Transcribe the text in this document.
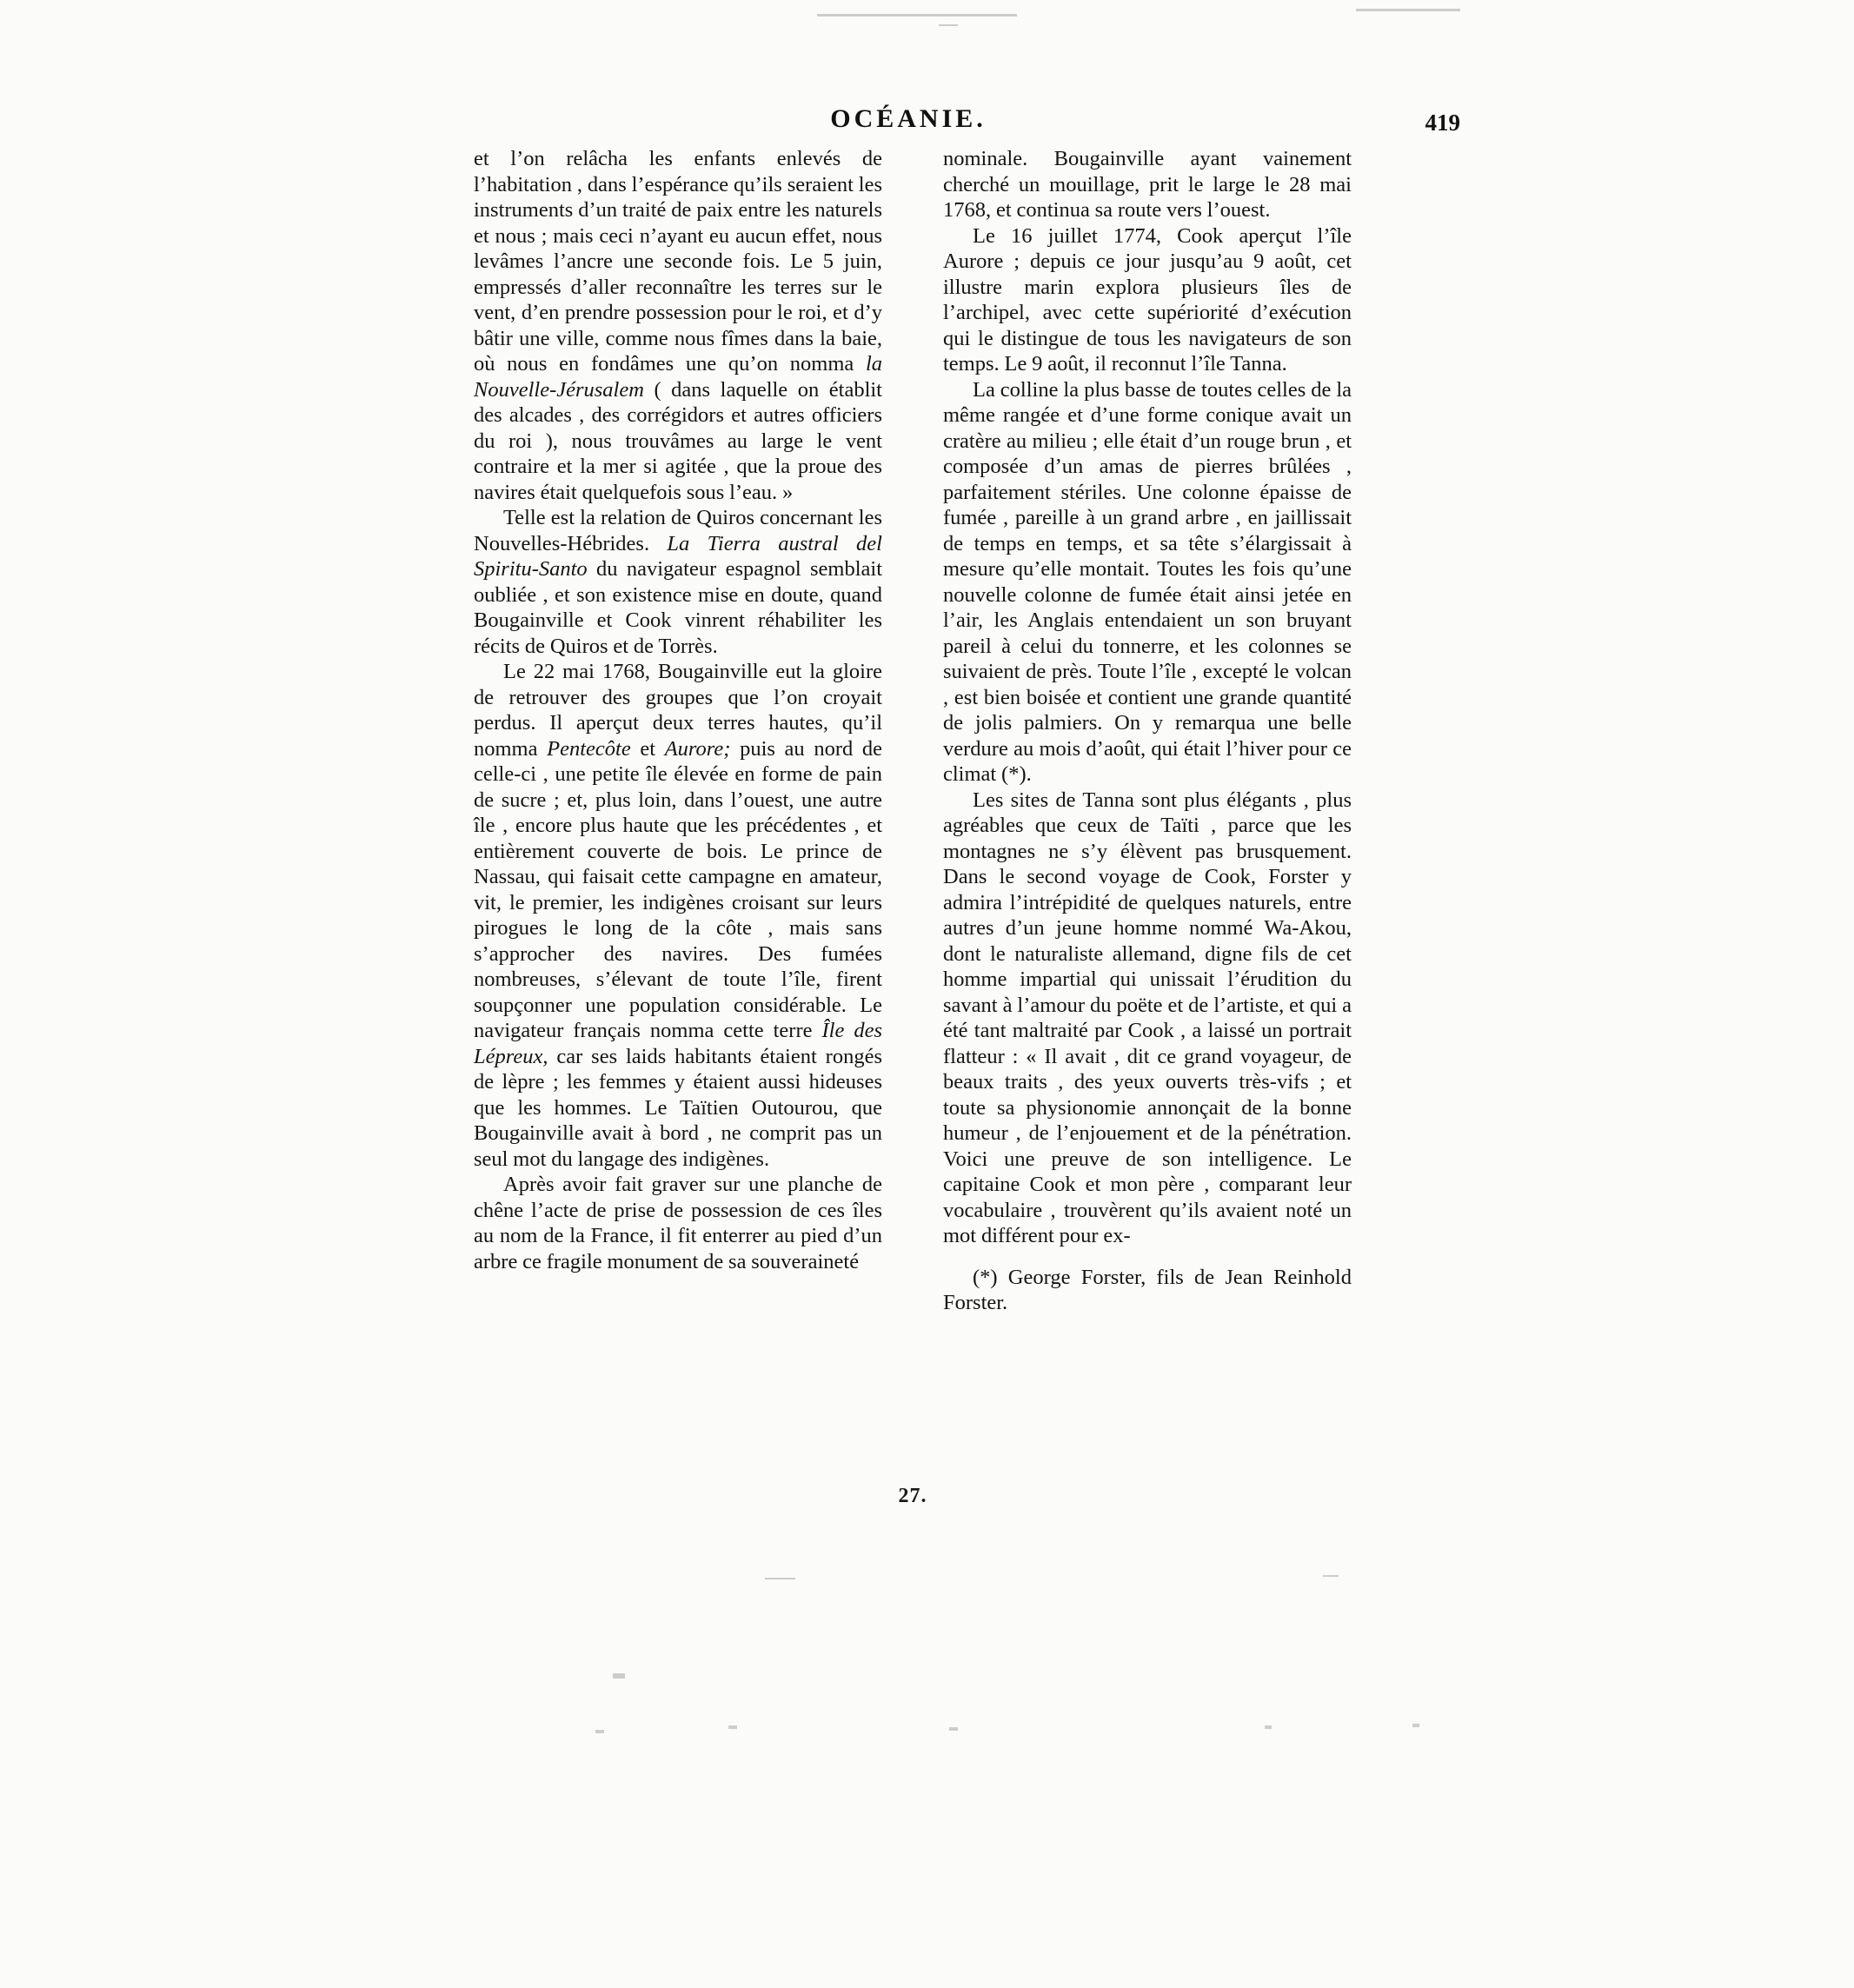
OCÉANIE.	419

et l’on relâcha les enfants enlevés de l’habitation , dans l’espérance qu’ils seraient les instruments d’un traité de paix entre les naturels et nous ; mais ceci n’ayant eu aucun effet, nous levâmes l’ancre une seconde fois. Le 5 juin, empressés d’aller reconnaître les terres sur le vent, d’en prendre possession pour le roi, et d’y bâtir une ville, comme nous fîmes dans la baie, où nous en fondâmes une qu’on nomma la Nouvelle-Jérusalem ( dans laquelle on établit des alcades , des corrégidors et autres officiers du roi ), nous trouvâmes au large le vent contraire et la mer si agitée , que la proue des navires était quelquefois sous l’eau. »

Telle est la relation de Quiros concernant les Nouvelles-Hébrides. La Tierra austral del Spiritu-Santo du navigateur espagnol semblait oubliée , et son existence mise en doute, quand Bougainville et Cook vinrent réhabiliter les récits de Quiros et de Torrès.

Le 22 mai 1768, Bougainville eut la gloire de retrouver des groupes que l’on croyait perdus. Il aperçut deux terres hautes, qu’il nomma Pentecôte et Aurore; puis au nord de celle-ci , une petite île élevée en forme de pain de sucre ; et, plus loin, dans l’ouest, une autre île , encore plus haute que les précédentes , et entièrement couverte de bois. Le prince de Nassau, qui faisait cette campagne en amateur, vit, le premier, les indigènes croisant sur leurs pirogues le long de la côte , mais sans s’approcher des navires. Des fumées nombreuses, s’élevant de toute l’île, firent soupçonner une population considérable. Le navigateur français nomma cette terre Île des Lépreux, car ses laids habitants étaient rongés de lèpre ; les femmes y étaient aussi hideuses que les hommes. Le Taïtien Outourou, que Bougainville avait à bord , ne comprit pas un seul mot du langage des indigènes.

Après avoir fait graver sur une planche de chêne l’acte de prise de possession de ces îles au nom de la France, il fit enterrer au pied d’un arbre ce fragile monument de sa souveraineté

nominale. Bougainville ayant vainement cherché un mouillage, prit le large le 28 mai 1768, et continua sa route vers l’ouest.

Le 16 juillet 1774, Cook aperçut l’île Aurore ; depuis ce jour jusqu’au 9 août, cet illustre marin explora plusieurs îles de l’archipel, avec cette supériorité d’exécution qui le distingue de tous les navigateurs de son temps. Le 9 août, il reconnut l’île Tanna.

La colline la plus basse de toutes celles de la même rangée et d’une forme conique avait un cratère au milieu ; elle était d’un rouge brun , et composée d’un amas de pierres brûlées , parfaitement stériles. Une colonne épaisse de fumée , pareille à un grand arbre , en jaillissait de temps en temps, et sa tête s’élargissait à mesure qu’elle montait. Toutes les fois qu’une nouvelle colonne de fumée était ainsi jetée en l’air, les Anglais entendaient un son bruyant pareil à celui du tonnerre, et les colonnes se suivaient de près. Toute l’île , excepté le volcan , est bien boisée et contient une grande quantité de jolis palmiers. On y remarqua une belle verdure au mois d’août, qui était l’hiver pour ce climat (*).

Les sites de Tanna sont plus élégants , plus agréables que ceux de Taïti , parce que les montagnes ne s’y élèvent pas brusquement. Dans le second voyage de Cook, Forster y admira l’intrépidité de quelques naturels, entre autres d’un jeune homme nommé Wa-Akou, dont le naturaliste allemand, digne fils de cet homme impartial qui unissait l’érudition du savant à l’amour du poëte et de l’artiste, et qui a été tant maltraité par Cook , a laissé un portrait flatteur : « Il avait , dit ce grand voyageur, de beaux traits , des yeux ouverts très-vifs ; et toute sa physionomie annonçait de la bonne humeur , de l’enjouement et de la pénétration. Voici une preuve de son intelligence. Le capitaine Cook et mon père , comparant leur vocabulaire , trouvèrent qu’ils avaient noté un mot différent pour ex-

(*) George Forster, fils de Jean Reinhold Forster.

27.
